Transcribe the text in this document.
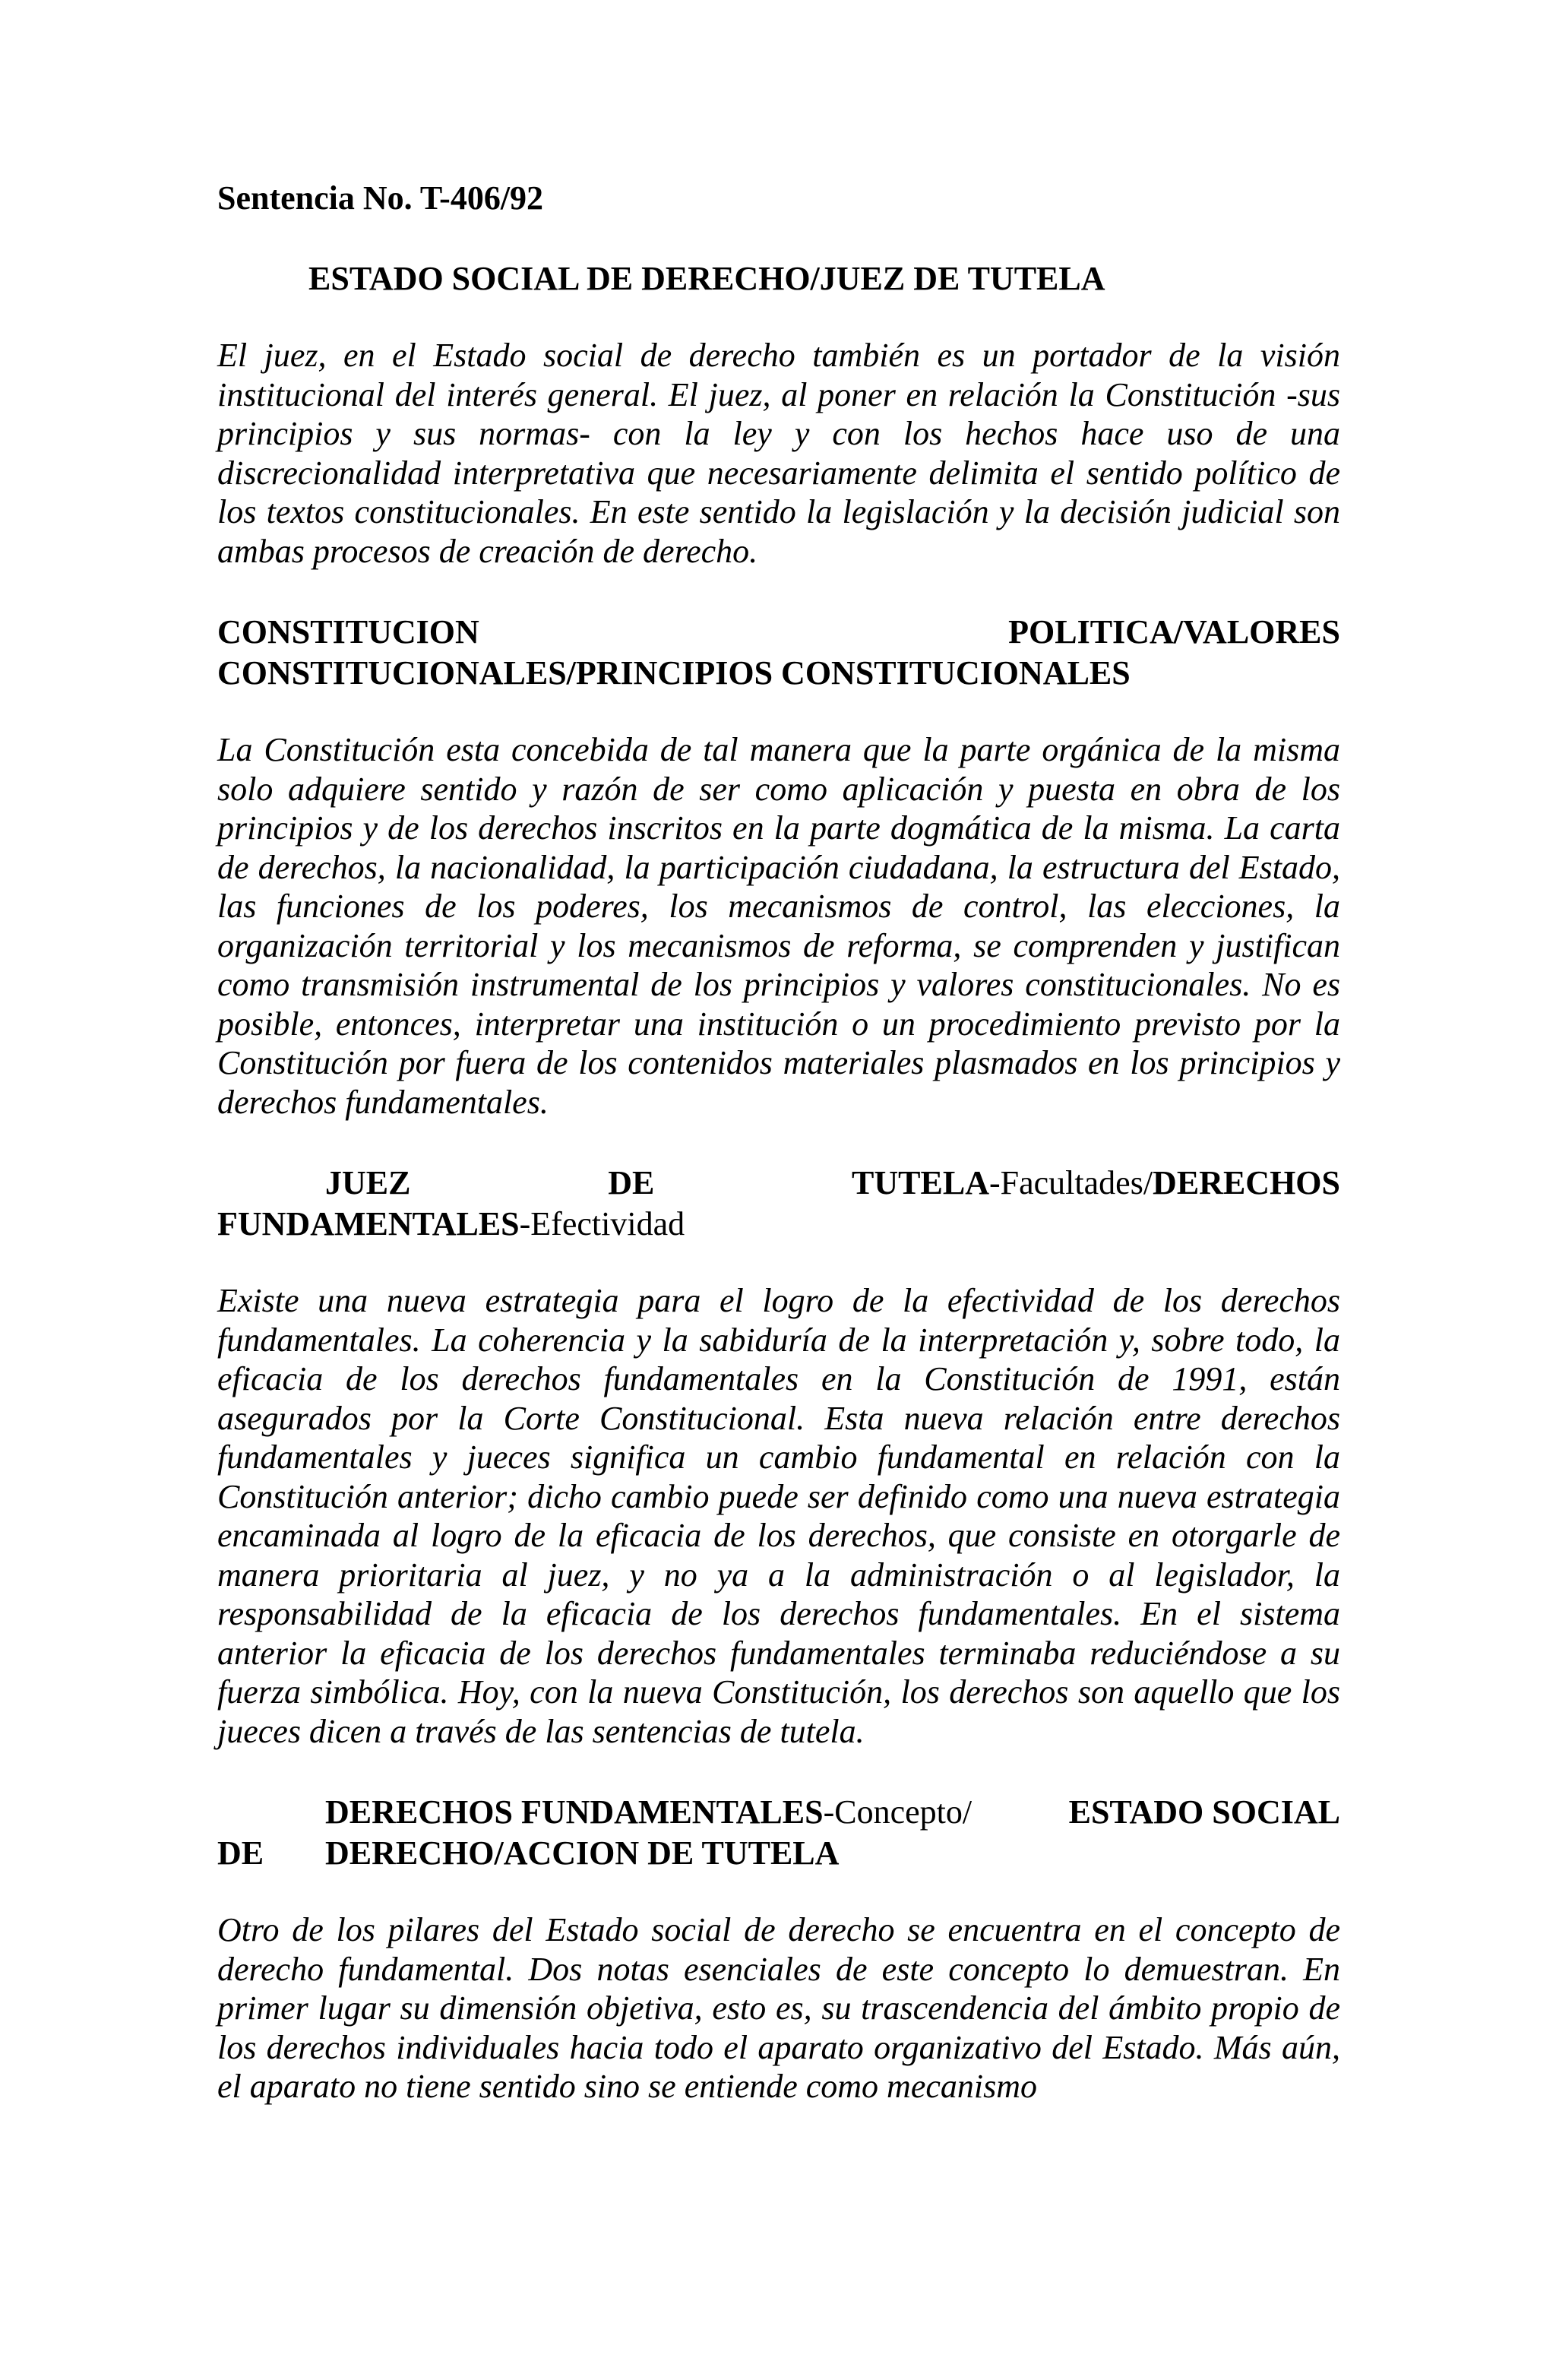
Sentencia No. T-406/92
ESTADO SOCIAL DE DERECHO/JUEZ DE TUTELA

El juez, en el Estado social de derecho también es un portador de la visión institucional del interés general. El juez, al poner en relación la Constitución -sus principios y sus normas- con la ley y con los hechos hace uso de una discrecionalidad interpretativa que necesariamente delimita el sentido político de los textos constitucionales. En este sentido la legislación y la decisión judicial son ambas procesos de creación de derecho.

CONSTITUCION	POLITICA/VALORES
CONSTITUCIONALES/PRINCIPIOS CONSTITUCIONALES

La Constitución esta concebida de tal manera que la parte orgánica de la misma solo adquiere sentido y razón de ser como aplicación y puesta en obra de los principios y de los derechos inscritos en la parte dogmática de la misma. La carta de derechos, la nacionalidad, la participación ciudadana, la estructura del Estado, las funciones de los poderes, los mecanismos de control, las elecciones, la organización territorial y los mecanismos de reforma, se comprenden y justifican como transmisión instrumental de los principios y valores constitucionales. No es posible, entonces, interpretar una institución o un procedimiento previsto por la Constitución por fuera de los contenidos materiales plasmados en los principios y derechos fundamentales.

JUEZ	DE	TUTELA-Facultades/DERECHOS
FUNDAMENTALES-Efectividad

Existe una nueva estrategia para el logro de la efectividad de los derechos fundamentales. La coherencia y la sabiduría de la interpretación y, sobre todo, la eficacia de los derechos fundamentales en la Constitución de 1991, están asegurados por la Corte Constitucional. Esta nueva relación entre derechos fundamentales y jueces significa un cambio fundamental en relación con la Constitución anterior; dicho cambio puede ser definido como una nueva estrategia encaminada al logro de la eficacia de los derechos, que consiste en otorgarle de manera prioritaria al juez, y no ya a la administración o al legislador, la responsabilidad de la eficacia de los derechos fundamentales. En el sistema anterior la eficacia de los derechos fundamentales terminaba reduciéndose a su fuerza simbólica. Hoy, con la nueva Constitución, los derechos son aquello que los jueces dicen a través de las sentencias de tutela.

DE
DERECHOS FUNDAMENTALES-Concepto/	ESTADO SOCIAL
DERECHO/ACCION DE TUTELA

Otro de los pilares del Estado social de derecho se encuentra en el concepto de derecho fundamental. Dos notas esenciales de este concepto lo demuestran. En primer lugar su dimensión objetiva, esto es, su trascendencia del ámbito propio de los derechos individuales hacia todo el aparato organizativo del Estado. Más aún, el aparato no tiene sentido sino se entiende como mecanismo
